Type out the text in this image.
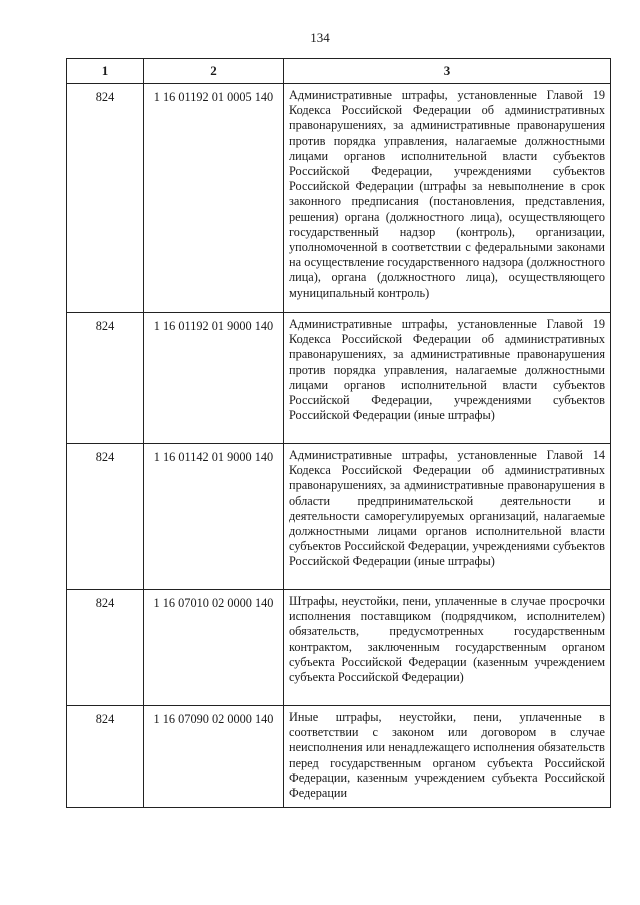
134
1	2	3
824	1 16 01192 01 0005 140	Административные штрафы, установленные Главой 19 Кодекса Российской Федерации об административных правонарушениях, за административные правонарушения против порядка управления, налагаемые должностными лицами органов исполнительной власти субъектов Российской Федерации, учреждениями субъектов Российской Федерации (штрафы за невыполнение в срок законного предписания (постановления, представления, решения) органа (должностного лица), осуществляющего государственный надзор (контроль), организации, уполномоченной в соответствии с федеральными законами на осуществление государственного надзора (должностного лица), органа (должностного лица), осуществляющего муниципальный контроль)
824	1 16 01192 01 9000 140	Административные штрафы, установленные Главой 19 Кодекса Российской Федерации об административных правонарушениях, за административные правонарушения против порядка управления, налагаемые должностными лицами органов исполнительной власти субъектов Российской Федерации, учреждениями субъектов Российской Федерации (иные штрафы)
824	1 16 01142 01 9000 140	Административные штрафы, установленные Главой 14 Кодекса Российской Федерации об административных правонарушениях, за административные правонарушения в области предпринимательской деятельности и деятельности саморегулируемых организаций, налагаемые должностными лицами органов исполнительной власти субъектов Российской Федерации, учреждениями субъектов Российской Федерации (иные штрафы)
824	1 16 07010 02 0000 140	Штрафы, неустойки, пени, уплаченные в случае просрочки исполнения поставщиком (подрядчиком, исполнителем) обязательств, предусмотренных государственным контрактом, заключенным государственным органом субъекта Российской Федерации (казенным учреждением субъекта Российской Федерации)
824	1 16 07090 02 0000 140	Иные штрафы, неустойки, пени, уплаченные в соответствии с законом или договором в случае неисполнения или ненадлежащего исполнения обязательств перед государственным органом субъекта Российской Федерации, казенным учреждением субъекта Российской Федерации
